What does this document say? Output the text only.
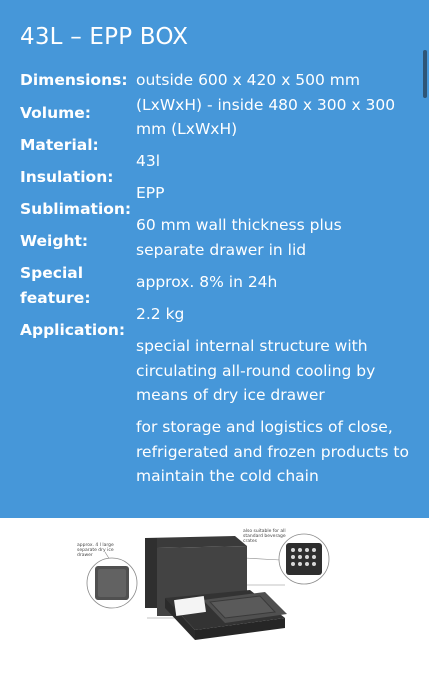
43L – EPP BOX
Dimensions:
Volume:
Material:
Insulation:
Sublimation:
Weight:
Special feature:
Application:
outside 600 x 420 x 500 mm (LxWxH) - inside 480 x 300 x 300 mm (LxWxH)
43l
EPP
60 mm wall thickness plus separate drawer in lid
approx. 8% in 24h
2.2 kg
special internal structure with circulating all-round cooling by means of dry ice drawer
for storage and logistics of close, refrigerated and frozen products to maintain the cold chain
approx. 4 l large separate dry ice drawer
also suitable for all standard beverage crates
